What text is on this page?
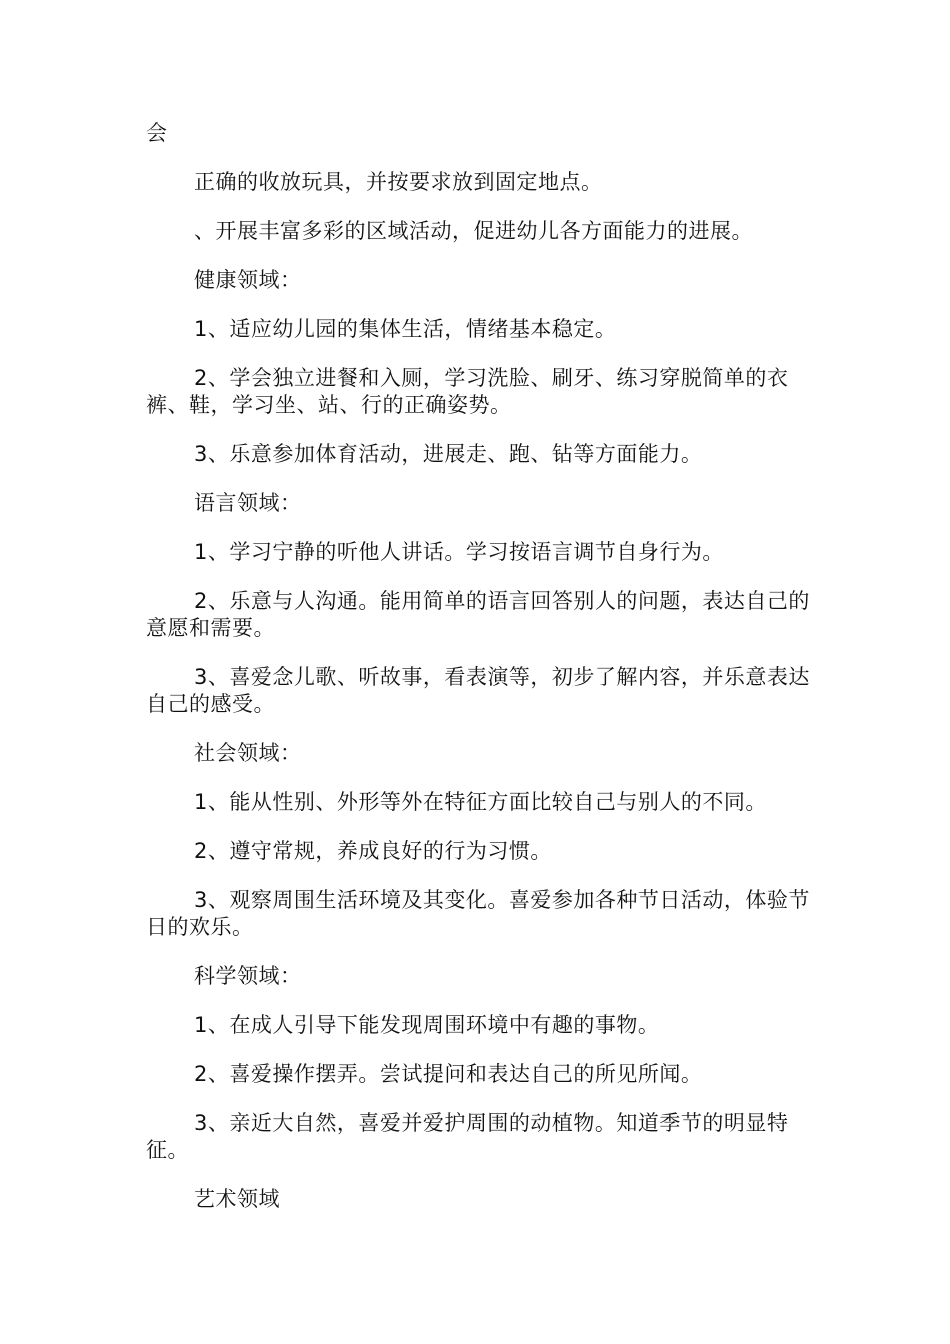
会

正确的收放玩具，并按要求放到固定地点。

、开展丰富多彩的区域活动，促进幼儿各方面能力的进展。

健康领域：

1、适应幼儿园的集体生活，情绪基本稳定。

2、学会独立进餐和入厕，学习洗脸、刷牙、练习穿脱简单的衣裤、鞋，学习坐、站、行的正确姿势。

3、乐意参加体育活动，进展走、跑、钻等方面能力。

语言领域：

1、学习宁静的听他人讲话。学习按语言调节自身行为。

2、乐意与人沟通。能用简单的语言回答别人的问题，表达自己的意愿和需要。

3、喜爱念儿歌、听故事，看表演等，初步了解内容，并乐意表达自己的感受。

社会领域：

1、能从性别、外形等外在特征方面比较自己与别人的不同。

2、遵守常规，养成良好的行为习惯。

3、观察周围生活环境及其变化。喜爱参加各种节日活动，体验节日的欢乐。

科学领域：

1、在成人引导下能发现周围环境中有趣的事物。

2、喜爱操作摆弄。尝试提问和表达自己的所见所闻。

3、亲近大自然，喜爱并爱护周围的动植物。知道季节的明显特征。

艺术领域
